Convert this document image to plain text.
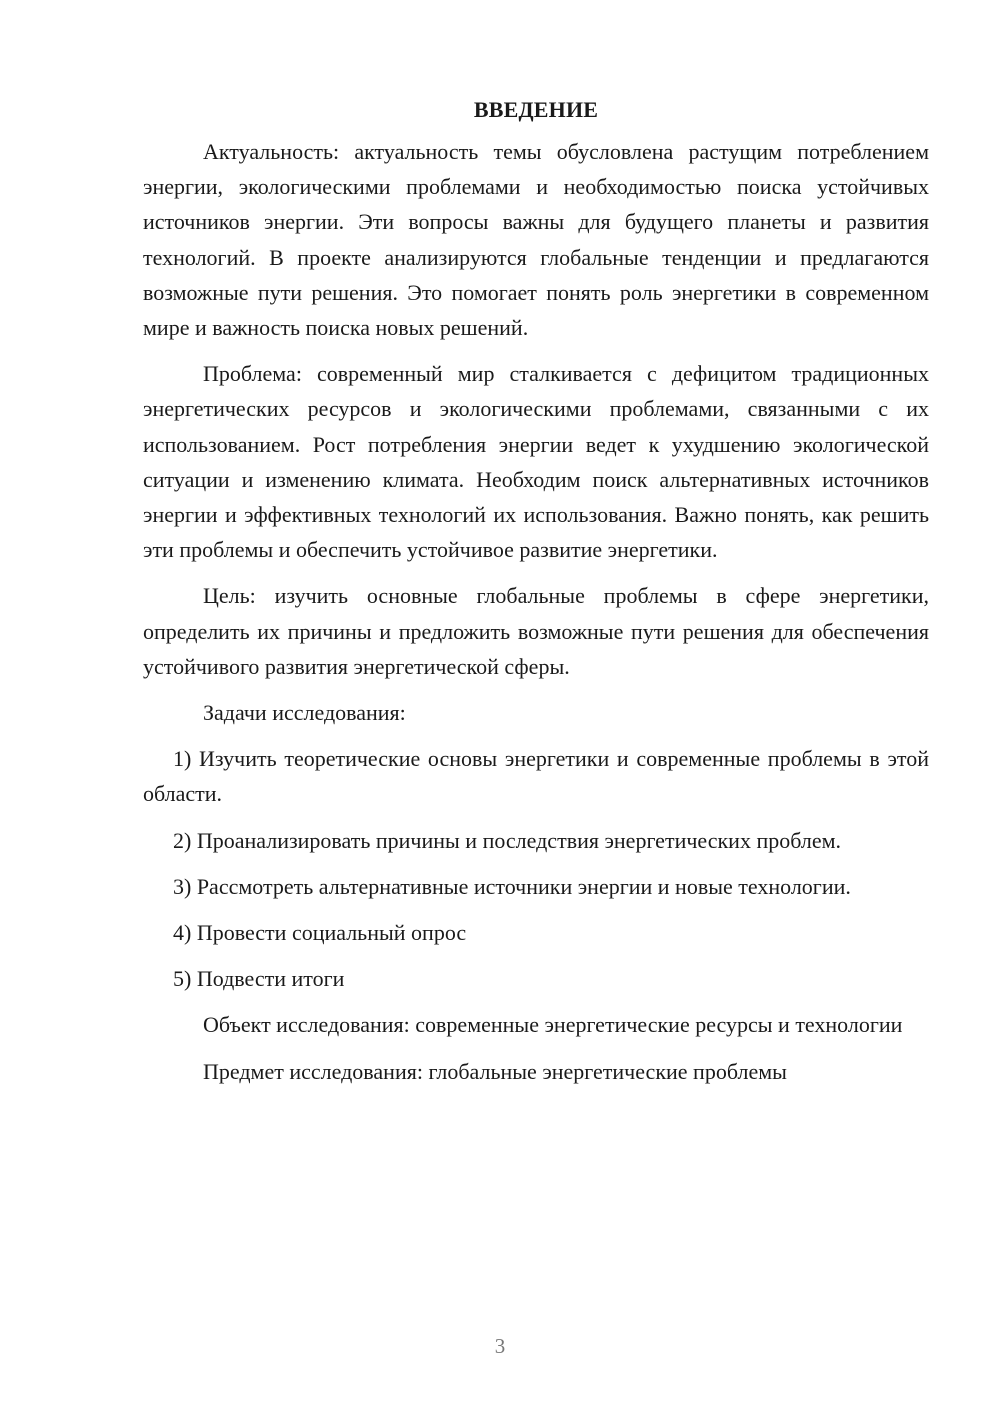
ВВЕДЕНИЕ

Актуальность: актуальность темы обусловлена растущим потреблением энергии, экологическими проблемами и необходимостью поиска устойчивых источников энергии. Эти вопросы важны для будущего планеты и развития технологий. В проекте анализируются глобальные тенденции и предлагаются возможные пути решения. Это помогает понять роль энергетики в современном мире и важность поиска новых решений.

Проблема: современный мир сталкивается с дефицитом традиционных энергетических ресурсов и экологическими проблемами, связанными с их использованием. Рост потребления энергии ведет к ухудшению экологической ситуации и изменению климата. Необходим поиск альтернативных источников энергии и эффективных технологий их использования. Важно понять, как решить эти проблемы и обеспечить устойчивое развитие энергетики.

Цель: изучить основные глобальные проблемы в сфере энергетики, определить их причины и предложить возможные пути решения для обеспечения устойчивого развития энергетической сферы.

Задачи исследования:

1) Изучить теоретические основы энергетики и современные проблемы в этой области.

2) Проанализировать причины и последствия энергетических проблем.

3) Рассмотреть альтернативные источники энергии и новые технологии.

4) Провести социальный опрос

5) Подвести итоги

Объект исследования: современные энергетические ресурсы и технологии

Предмет исследования: глобальные энергетические проблемы

3
